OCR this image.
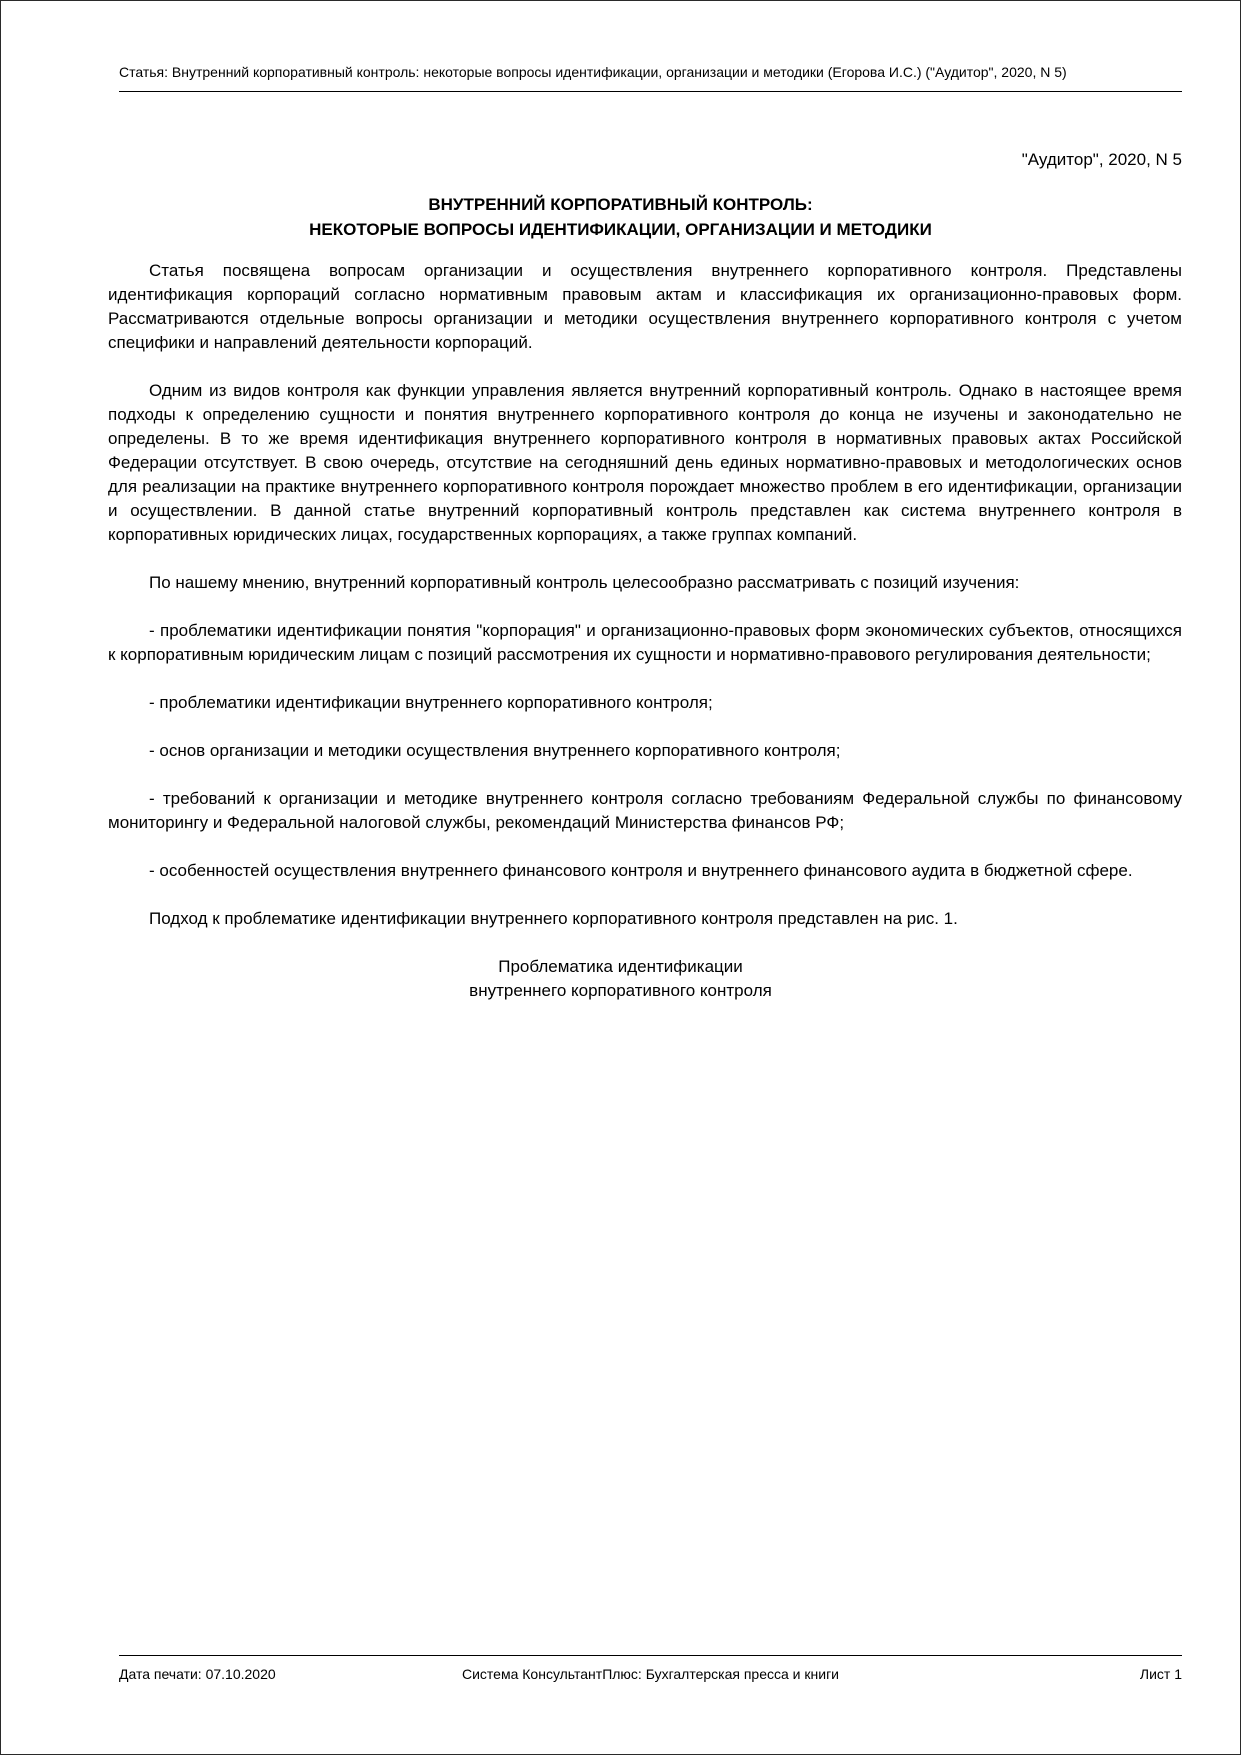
Статья: Внутренний корпоративный контроль: некоторые вопросы идентификации, организации и методики (Егорова И.С.) ("Аудитор", 2020, N 5)
"Аудитор", 2020, N 5
ВНУТРЕННИЙ КОРПОРАТИВНЫЙ КОНТРОЛЬ:
НЕКОТОРЫЕ ВОПРОСЫ ИДЕНТИФИКАЦИИ, ОРГАНИЗАЦИИ И МЕТОДИКИ

Статья посвящена вопросам организации и осуществления внутреннего корпоративного контроля. Представлены идентификация корпораций согласно нормативным правовым актам и классификация их организационно-правовых форм. Рассматриваются отдельные вопросы организации и методики осуществления внутреннего корпоративного контроля с учетом специфики и направлений деятельности корпораций.

Одним из видов контроля как функции управления является внутренний корпоративный контроль. Однако в настоящее время подходы к определению сущности и понятия внутреннего корпоративного контроля до конца не изучены и законодательно не определены. В то же время идентификация внутреннего корпоративного контроля в нормативных правовых актах Российской Федерации отсутствует. В свою очередь, отсутствие на сегодняшний день единых нормативно-правовых и методологических основ для реализации на практике внутреннего корпоративного контроля порождает множество проблем в его идентификации, организации и осуществлении. В данной статье внутренний корпоративный контроль представлен как система внутреннего контроля в корпоративных юридических лицах, государственных корпорациях, а также группах компаний.

По нашему мнению, внутренний корпоративный контроль целесообразно рассматривать с позиций изучения:

- проблематики идентификации понятия "корпорация" и организационно-правовых форм экономических субъектов, относящихся к корпоративным юридическим лицам с позиций рассмотрения их сущности и нормативно-правового регулирования деятельности;

- проблематики идентификации внутреннего корпоративного контроля;

- основ организации и методики осуществления внутреннего корпоративного контроля;

- требований к организации и методике внутреннего контроля согласно требованиям Федеральной службы по финансовому мониторингу и Федеральной налоговой службы, рекомендаций Министерства финансов РФ;

- особенностей осуществления внутреннего финансового контроля и внутреннего финансового аудита в бюджетной сфере.

Подход к проблематике идентификации внутреннего корпоративного контроля представлен на рис. 1.

Проблематика идентификации
внутреннего корпоративного контроля
Дата печати: 07.10.2020	Система КонсультантПлюс: Бухгалтерская пресса и книги	Лист 1
